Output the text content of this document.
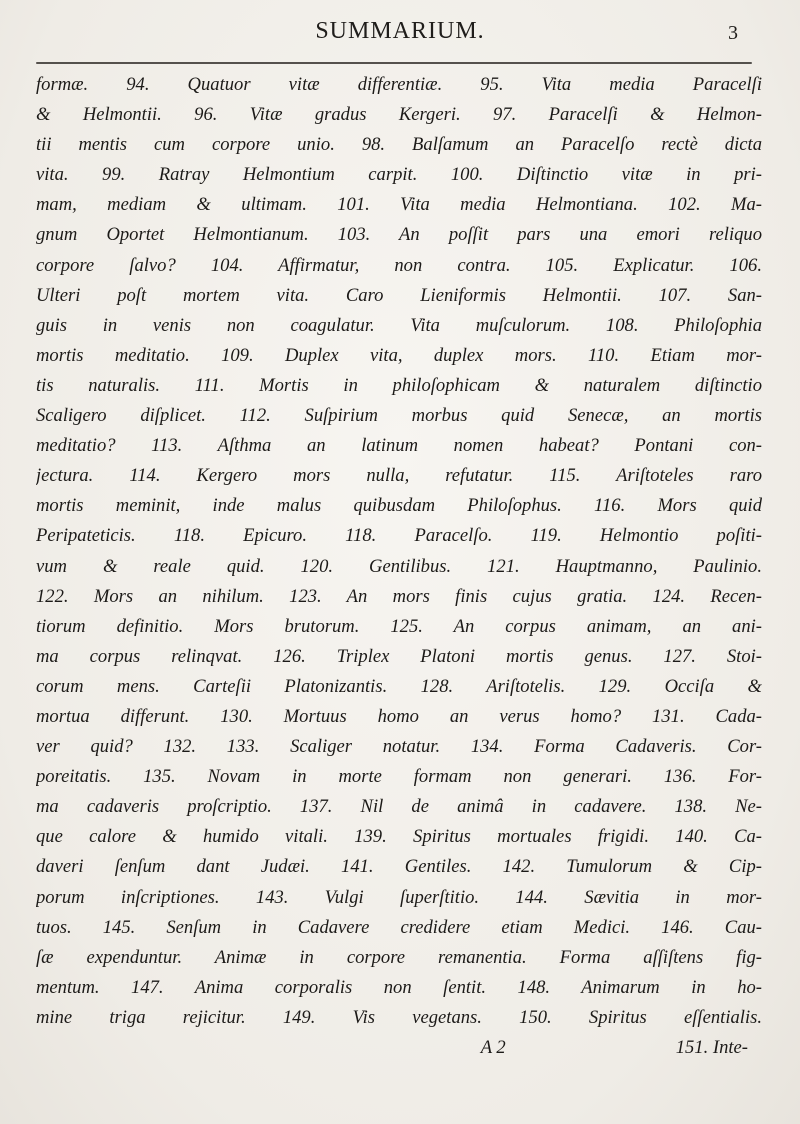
SUMMARIUM.	3
formæ. 94. Quatuor vitæ differentiæ. 95. Vita media Paracelſi
& Helmontii. 96. Vitæ gradus Kergeri. 97. Paracelſi & Helmon-
tii mentis cum corpore unio. 98. Balſamum an Paracelſo rectè dicta
vita. 99. Ratray Helmontium carpit. 100. Diſtinctio vitæ in pri-
mam, mediam & ultimam. 101. Vita media Helmontiana. 102. Ma-
gnum Oportet Helmontianum. 103. An poſſit pars una emori reliquo
corpore ſalvo? 104. Affirmatur, non contra. 105. Explicatur. 106.
Ulteri poſt mortem vita. Caro Lieniformis Helmontii. 107. San-
guis in venis non coagulatur. Vita muſculorum. 108. Philoſophia
mortis meditatio. 109. Duplex vita, duplex mors. 110. Etiam mor-
tis naturalis. 111. Mortis in philoſophicam & naturalem diſtinctio
Scaligero diſplicet. 112. Suſpirium morbus quid Senecæ, an mortis
meditatio? 113. Aſthma an latinum nomen habeat? Pontani con-
jectura. 114. Kergero mors nulla, refutatur. 115. Ariſtoteles raro
mortis meminit, inde malus quibusdam Philoſophus. 116. Mors quid
Peripateticis. 118. Epicuro. 118. Paracelſo. 119. Helmontio poſiti-
vum & reale quid. 120. Gentilibus. 121. Hauptmanno, Paulinio.
122. Mors an nihilum. 123. An mors finis cujus gratia. 124. Recen-
tiorum definitio. Mors brutorum. 125. An corpus animam, an ani-
ma corpus relinqvat. 126. Triplex Platoni mortis genus. 127. Stoi-
corum mens. Carteſii Platonizantis. 128. Ariſtotelis. 129. Occiſa &
mortua differunt. 130. Mortuus homo an verus homo? 131. Cada-
ver quid? 132. 133. Scaliger notatur. 134. Forma Cadaveris. Cor-
poreitatis. 135. Novam in morte formam non generari. 136. For-
ma cadaveris proſcriptio. 137. Nil de animâ in cadavere. 138. Ne-
que calore & humido vitali. 139. Spiritus mortuales frigidi. 140. Ca-
daveri ſenſum dant Judæi. 141. Gentiles. 142. Tumulorum & Cip-
porum inſcriptiones. 143. Vulgi ſuperſtitio. 144. Sævitia in mor-
tuos. 145. Senſum in Cadavere credidere etiam Medici. 146. Cau-
ſæ expenduntur. Animæ in corpore remanentia. Forma aſſiſtens fig-
mentum. 147. Anima corporalis non ſentit. 148. Animarum in ho-
mine triga rejicitur. 149. Vis vegetans. 150. Spiritus eſſentialis.
A 2	151. Inte-
